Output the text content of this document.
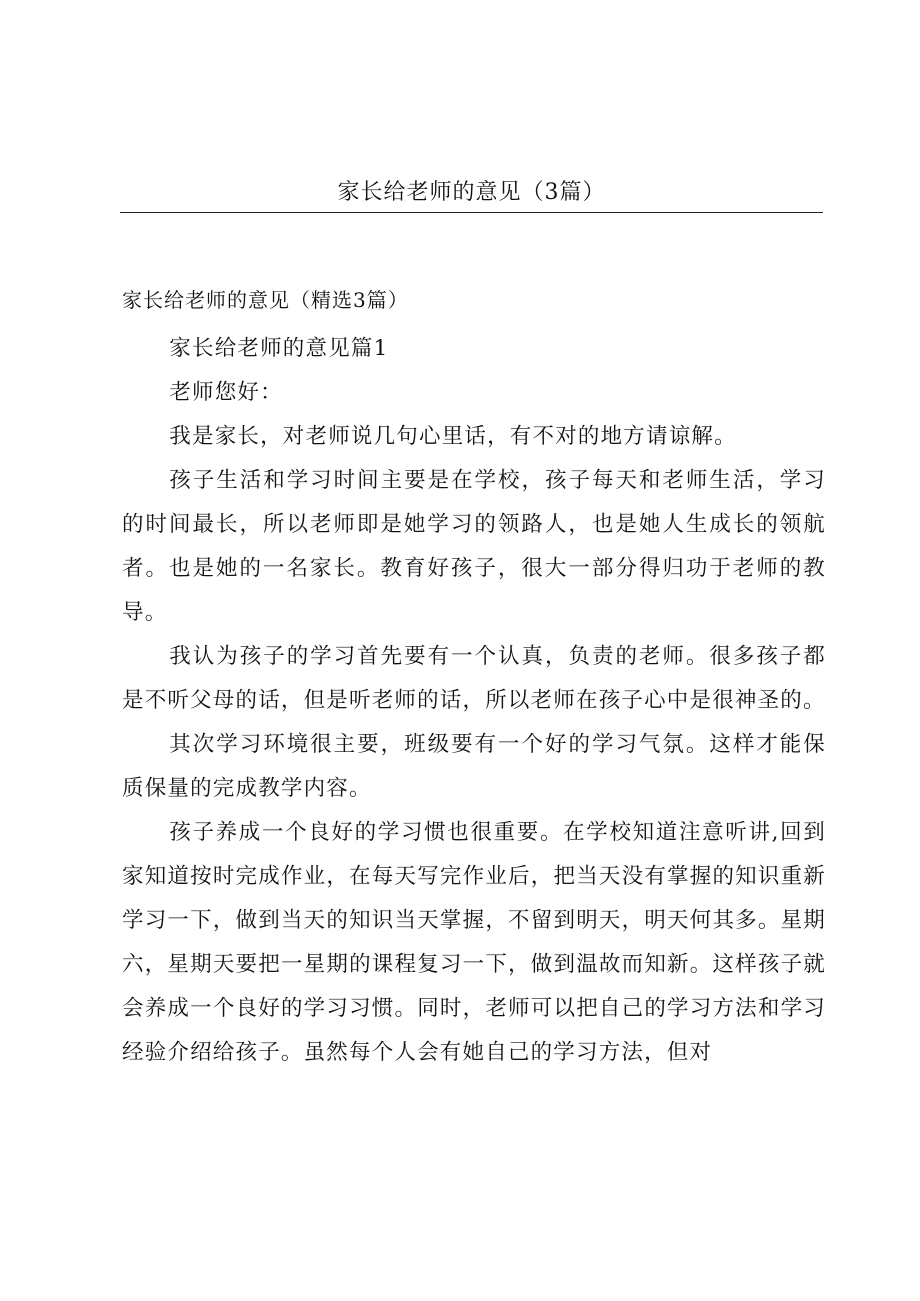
家长给老师的意见（3篇）
家长给老师的意见（精选3篇）

家长给老师的意见篇1

老师您好：

我是家长，对老师说几句心里话，有不对的地方请谅解。

孩子生活和学习时间主要是在学校，孩子每天和老师生活，学习的时间最长，所以老师即是她学习的领路人，也是她人生成长的领航者。也是她的一名家长。教育好孩子，很大一部分得归功于老师的教导。

我认为孩子的学习首先要有一个认真，负责的老师。很多孩子都是不听父母的话，但是听老师的话，所以老师在孩子心中是很神圣的。

其次学习环境很主要，班级要有一个好的学习气氛。这样才能保质保量的完成教学内容。

孩子养成一个良好的学习惯也很重要。在学校知道注意听讲,回到家知道按时完成作业，在每天写完作业后，把当天没有掌握的知识重新学习一下，做到当天的知识当天掌握，不留到明天，明天何其多。星期六，星期天要把一星期的课程复习一下，做到温故而知新。这样孩子就会养成一个良好的学习习惯。同时，老师可以把自己的学习方法和学习经验介绍给孩子。虽然每个人会有她自己的学习方法，但对
